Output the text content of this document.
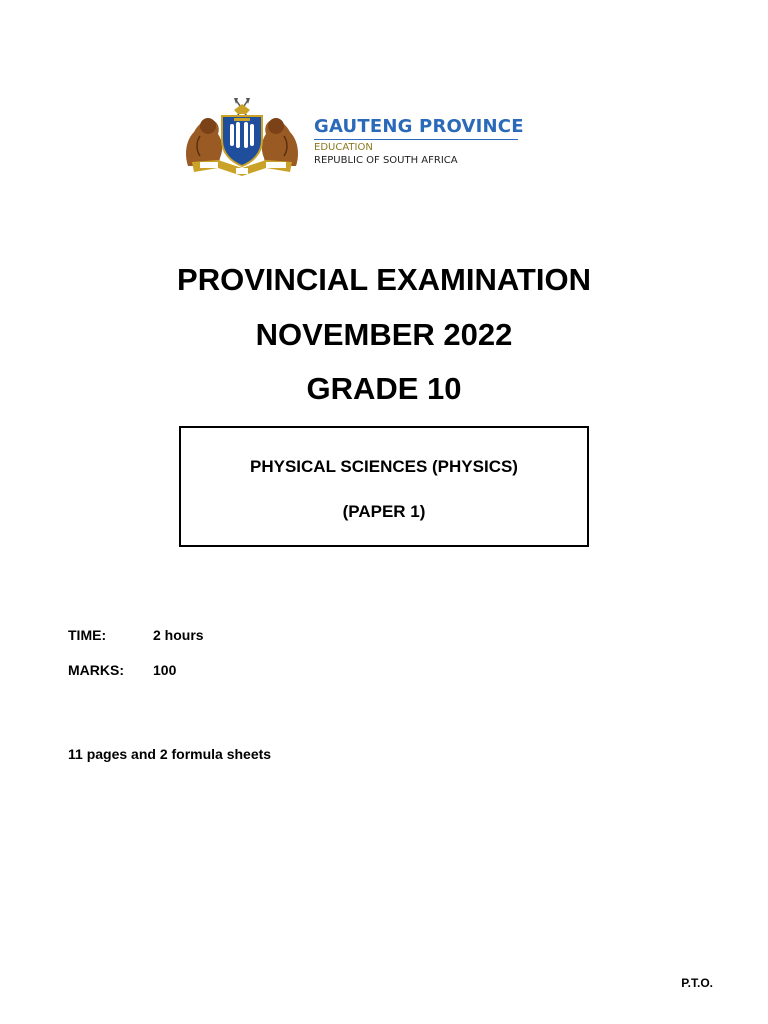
GAUTENG PROVINCE
EDUCATION
REPUBLIC OF SOUTH AFRICA
PROVINCIAL EXAMINATION
NOVEMBER 2022
GRADE 10
PHYSICAL SCIENCES (PHYSICS)
(PAPER 1)
TIME:	2 hours
MARKS: 100
11 pages and 2 formula sheets
P.T.O.
